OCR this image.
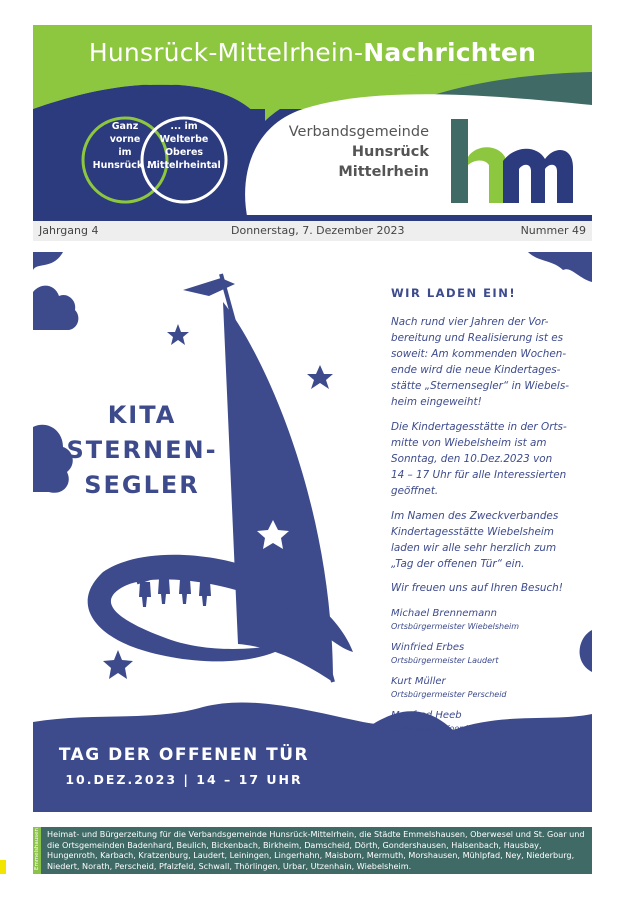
Hunsrück-Mittelrhein-Nachrichten
Ganz
vorne
im
Hunsrück ...
... im
Welterbe
Oberes
Mittelrheintal
Verbandsgemeinde
Hunsrück
Mittelrhein
Jahrgang 4	Donnerstag, 7. Dezember 2023	Nummer 49
KITA
STERNEN-
SEGLER
TAG DER OFFENEN TÜR
10.DEZ.2023 | 14 – 17 UHR
WIR LADEN EIN!
Nach rund vier Jahren der Vor-
bereitung und Realisierung ist es
soweit: Am kommenden Wochen-
ende wird die neue Kindertages-
stätte „Sternensegler“ in Wiebels-
heim eingeweiht!
Die Kindertagesstätte in der Orts-
mitte von Wiebelsheim ist am
Sonntag, den 10.Dez.2023 von
14 – 17 Uhr für alle Interessierten
geöffnet.
Im Namen des Zweckverbandes
Kindertagesstätte Wiebelsheim
laden wir alle sehr herzlich zum
„Tag der offenen Tür“ ein.
Wir freuen uns auf Ihren Besuch!
Michael Brennemann
Ortsbürgermeister Wiebelsheim
Winfried Erbes
Ortsbürgermeister Laudert
Kurt Müller
Ortsbürgermeister Perscheid
Manfred Heeb
Kommunaler Koordinator
Emmelshausen Heimat- und Bürgerzeitung für die Verbandsgemeinde Hunsrück-Mittelrhein, die Städte Emmelshausen, Oberwesel und St. Goar und die Ortsgemeinden Badenhard, Beulich, Bickenbach, Birkheim, Damscheid, Dörth, Gondershausen, Halsenbach, Hausbay, Hungenroth, Karbach, Kratzenburg, Laudert, Leiningen, Lingerhahn, Maisborn, Mermuth, Morshausen, Mühlpfad, Ney, Niederburg, Niedert, Norath, Perscheid, Pfalzfeld, Schwall, Thörlingen, Urbar, Utzenhain, Wiebelsheim.
